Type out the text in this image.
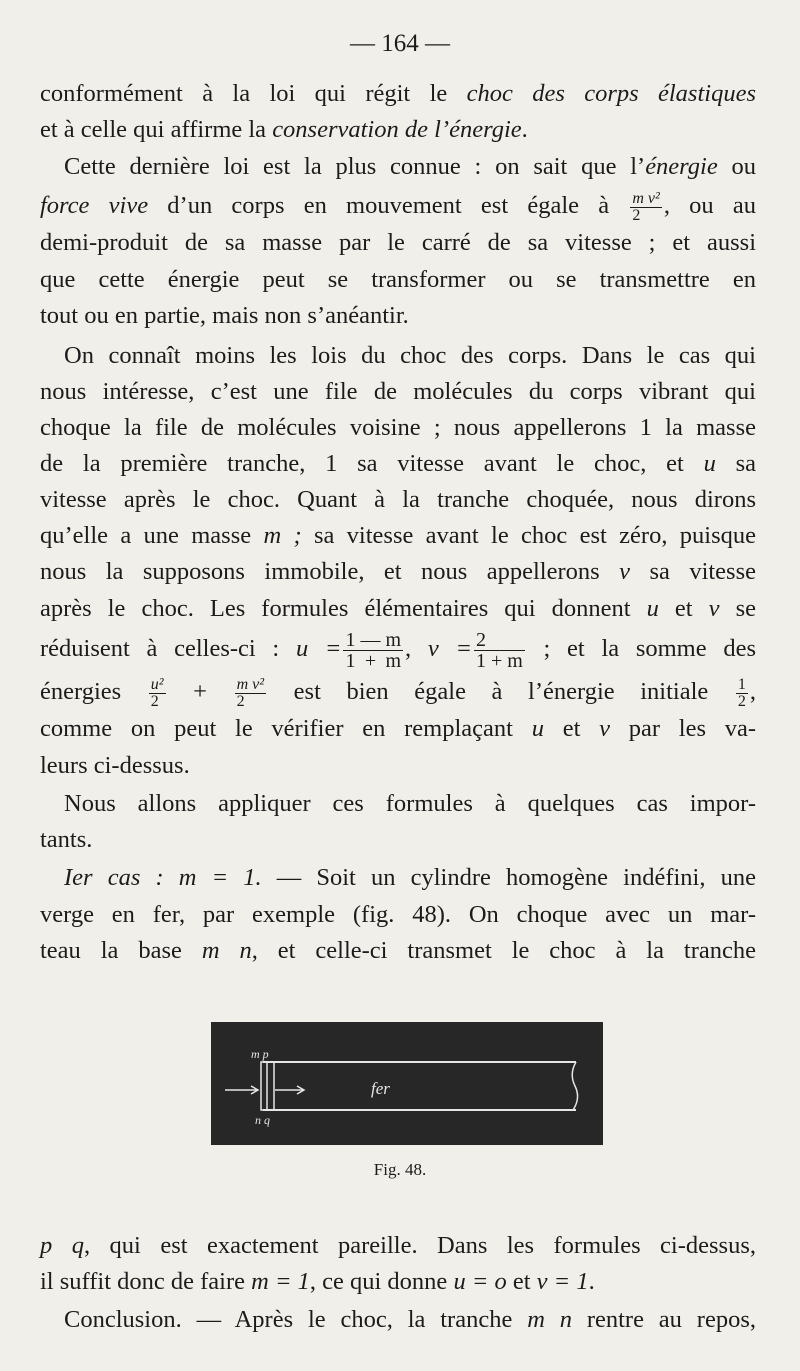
— 164 —
conformément à la loi qui régit le choc des corps élastiques
et à celle qui affirme la conservation de l’énergie.
Cette dernière loi est la plus connue : on sait que l’énergie ou
force vive d’un corps en mouvement est égale à $\frac{\text{m v²}}{2}$ , ou au
demi-produit de sa masse par le carré de sa vitesse ; et aussi
que cette énergie peut se transformer ou se transmettre en
tout ou en partie, mais non s’anéantir.
On connaît moins les lois du choc des corps. Dans le cas qui
nous intéresse, c’est une file de molécules du corps vibrant qui
choque la file de molécules voisine ; nous appellerons 1 la masse
de la première tranche, 1 sa vitesse avant le choc, et u sa
vitesse après le choc. Quant à la tranche choquée, nous dirons
qu’elle a une masse m ; sa vitesse avant le choc est zéro, puisque
nous la supposons immobile, et nous appellerons v sa vitesse
après le choc. Les formules élémentaires qui donnent u et v se
réduisent à celles-ci : $u = \frac{1 — m}{1 + m}$ , $v = \frac{2}{1 + m}$ ; et la somme des
énergies $\frac{\text{u²}}{2} + \frac{\text{m v²}}{2}$ est bien égale à l’énergie initiale $\frac{1}{2}$ ,
comme on peut le vérifier en remplaçant u et v par les va-
leurs ci-dessus.
Nous allons appliquer ces formules à quelques cas impor-
tants.
Ier cas : m = 1. — Soit un cylindre homogène indéfini, une
verge en fer, par exemple (fig. 48). On choque avec un mar-
teau la base m n, et celle-ci transmet le choc à la tranche
m p
n q
fer
Fig. 48.
p q, qui est exactement pareille. Dans les formules ci-dessus,
il suffit donc de faire m = 1, ce qui donne u = o et v = 1.
Conclusion. — Après le choc, la tranche m n rentre au repos,
